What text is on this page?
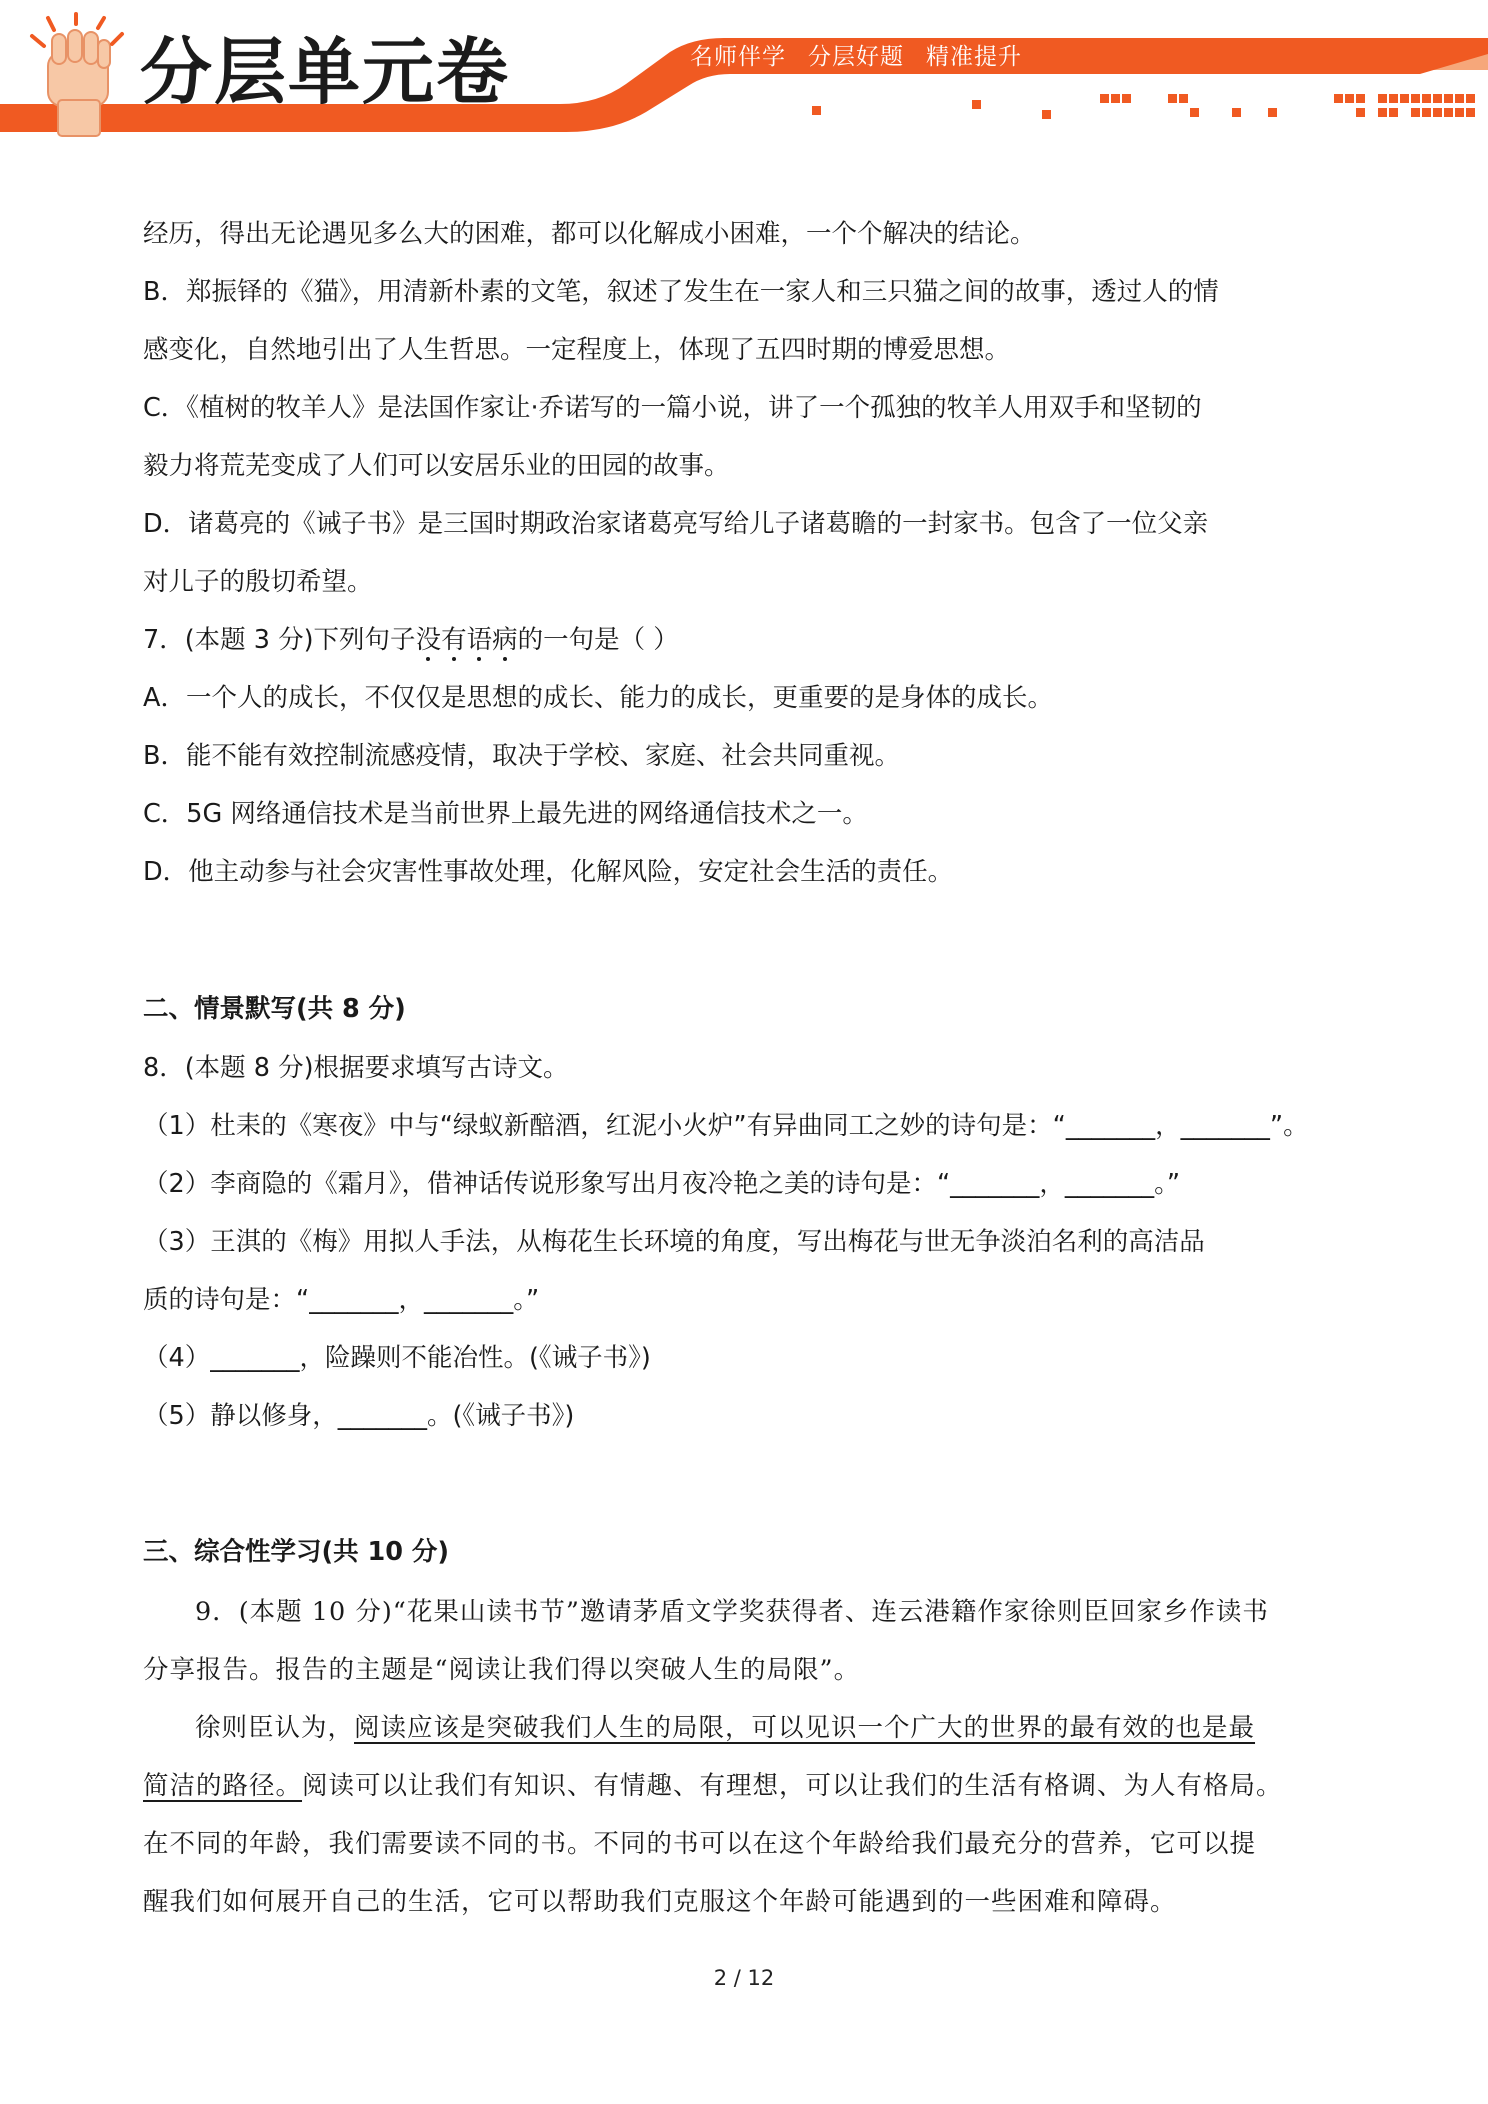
分层单元卷	名师伴学 分层好题 精准提升
经历，得出无论遇见多么大的困难，都可以化解成小困难，一个个解决的结论。
B．郑振铎的《猫》，用清新朴素的文笔，叙述了发生在一家人和三只猫之间的故事，透过人的情
感变化，自然地引出了人生哲思。一定程度上，体现了五四时期的博爱思想。
C．《植树的牧羊人》是法国作家让·乔诺写的一篇小说，讲了一个孤独的牧羊人用双手和坚韧的
毅力将荒芜变成了人们可以安居乐业的田园的故事。
D．诸葛亮的《诫子书》是三国时期政治家诸葛亮写给儿子诸葛瞻的一封家书。包含了一位父亲
对儿子的殷切希望。
7．(本题 3 分)下列句子没有语病的一句是（ ）
A．一个人的成长，不仅仅是思想的成长、能力的成长，更重要的是身体的成长。
B．能不能有效控制流感疫情，取决于学校、家庭、社会共同重视。
C．5G 网络通信技术是当前世界上最先进的网络通信技术之一。
D．他主动参与社会灾害性事故处理，化解风险，安定社会生活的责任。
二、情景默写(共 8 分)
8．(本题 8 分)根据要求填写古诗文。
（1）杜耒的《寒夜》中与“绿蚁新醅酒，红泥小火炉”有异曲同工之妙的诗句是：“_______，_______”。
（2）李商隐的《霜月》，借神话传说形象写出月夜冷艳之美的诗句是：“_______，_______。”
（3）王淇的《梅》用拟人手法，从梅花生长环境的角度，写出梅花与世无争淡泊名利的高洁品
质的诗句是：“_______，_______。”
（4）_______，险躁则不能冶性。(《诫子书》)
（5）静以修身，_______。(《诫子书》)
三、综合性学习(共 10 分)
9．(本题 10 分)“花果山读书节”邀请茅盾文学奖获得者、连云港籍作家徐则臣回家乡作读书
分享报告。报告的主题是“阅读让我们得以突破人生的局限”。
徐则臣认为，阅读应该是突破我们人生的局限，可以见识一个广大的世界的最有效的也是最
简洁的路径。阅读可以让我们有知识、有情趣、有理想，可以让我们的生活有格调、为人有格局。
在不同的年龄，我们需要读不同的书。不同的书可以在这个年龄给我们最充分的营养，它可以提
醒我们如何展开自己的生活，它可以帮助我们克服这个年龄可能遇到的一些困难和障碍。
2 / 12
